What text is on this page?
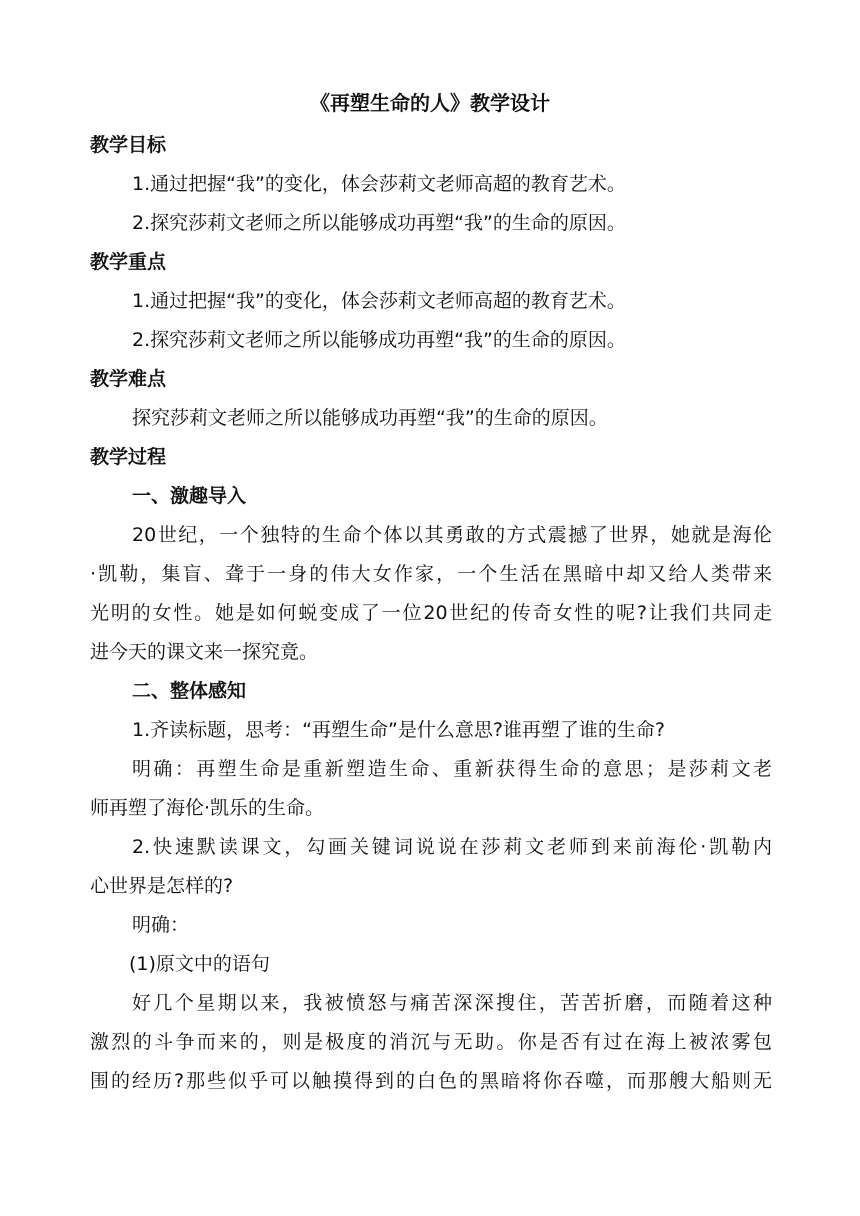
《再塑生命的人》教学设计

教学目标

1.通过把握“我”的变化，体会莎莉文老师高超的教育艺术。

2.探究莎莉文老师之所以能够成功再塑“我”的生命的原因。

教学重点

1.通过把握“我”的变化，体会莎莉文老师高超的教育艺术。

2.探究莎莉文老师之所以能够成功再塑“我”的生命的原因。

教学难点

探究莎莉文老师之所以能够成功再塑“我”的生命的原因。

教学过程

一、激趣导入

20世纪，一个独特的生命个体以其勇敢的方式震撼了世界，她就是海伦

·凯勒，集盲、聋于一身的伟大女作家，一个生活在黑暗中却又给人类带来

光明的女性。她是如何蜕变成了一位20世纪的传奇女性的呢?让我们共同走

进今天的课文来一探究竟。

二、整体感知

1.齐读标题，思考：“再塑生命”是什么意思?谁再塑了谁的生命?

明确：再塑生命是重新塑造生命、重新获得生命的意思；是莎莉文老

师再塑了海伦·凯乐的生命。

2.快速默读课文，勾画关键词说说在莎莉文老师到来前海伦·凯勒内

心世界是怎样的?

明确：

(1)原文中的语句

好几个星期以来，我被愤怒与痛苦深深搜住，苦苦折磨，而随着这种

激烈的斗争而来的，则是极度的消沉与无助。你是否有过在海上被浓雾包

围的经历?那些似乎可以触摸得到的白色的黑暗将你吞噬，而那艘大船则无
